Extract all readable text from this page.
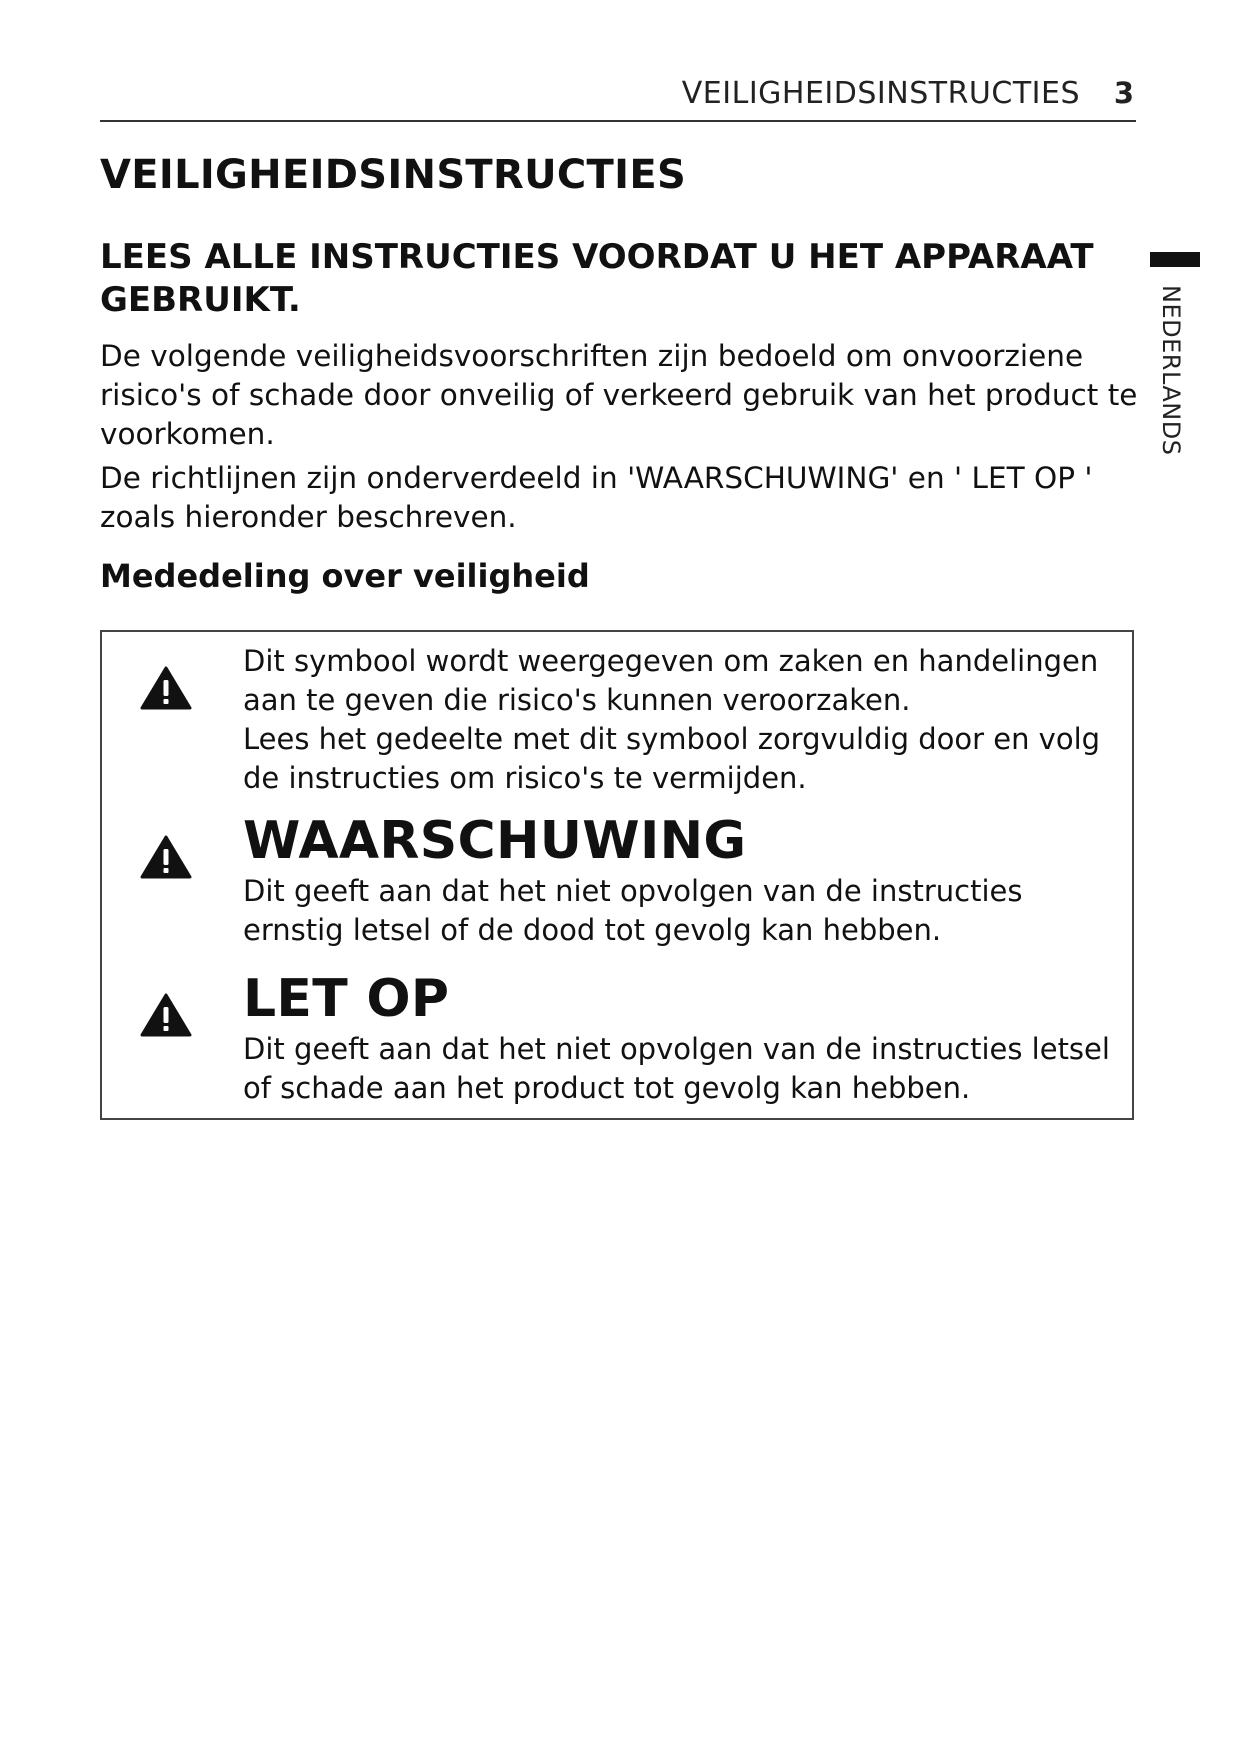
VEILIGHEIDSINSTRUCTIES 3
NEDERLANDS
VEILIGHEIDSINSTRUCTIES
LEES ALLE INSTRUCTIES VOORDAT U HET APPARAAT GEBRUIKT.

De volgende veiligheidsvoorschriften zijn bedoeld om onvoorziene risico's of schade door onveilig of verkeerd gebruik van het product te voorkomen.

De richtlijnen zijn onderverdeeld in 'WAARSCHUWING' en ' LET OP ' zoals hieronder beschreven.

Mededeling over veiligheid

Dit symbool wordt weergegeven om zaken en handelingen aan te geven die risico's kunnen veroorzaken.

Lees het gedeelte met dit symbool zorgvuldig door en volg de instructies om risico's te vermijden.

WAARSCHUWING

Dit geeft aan dat het niet opvolgen van de instructies ernstig letsel of de dood tot gevolg kan hebben.

LET OP

Dit geeft aan dat het niet opvolgen van de instructies letsel of schade aan het product tot gevolg kan hebben.
